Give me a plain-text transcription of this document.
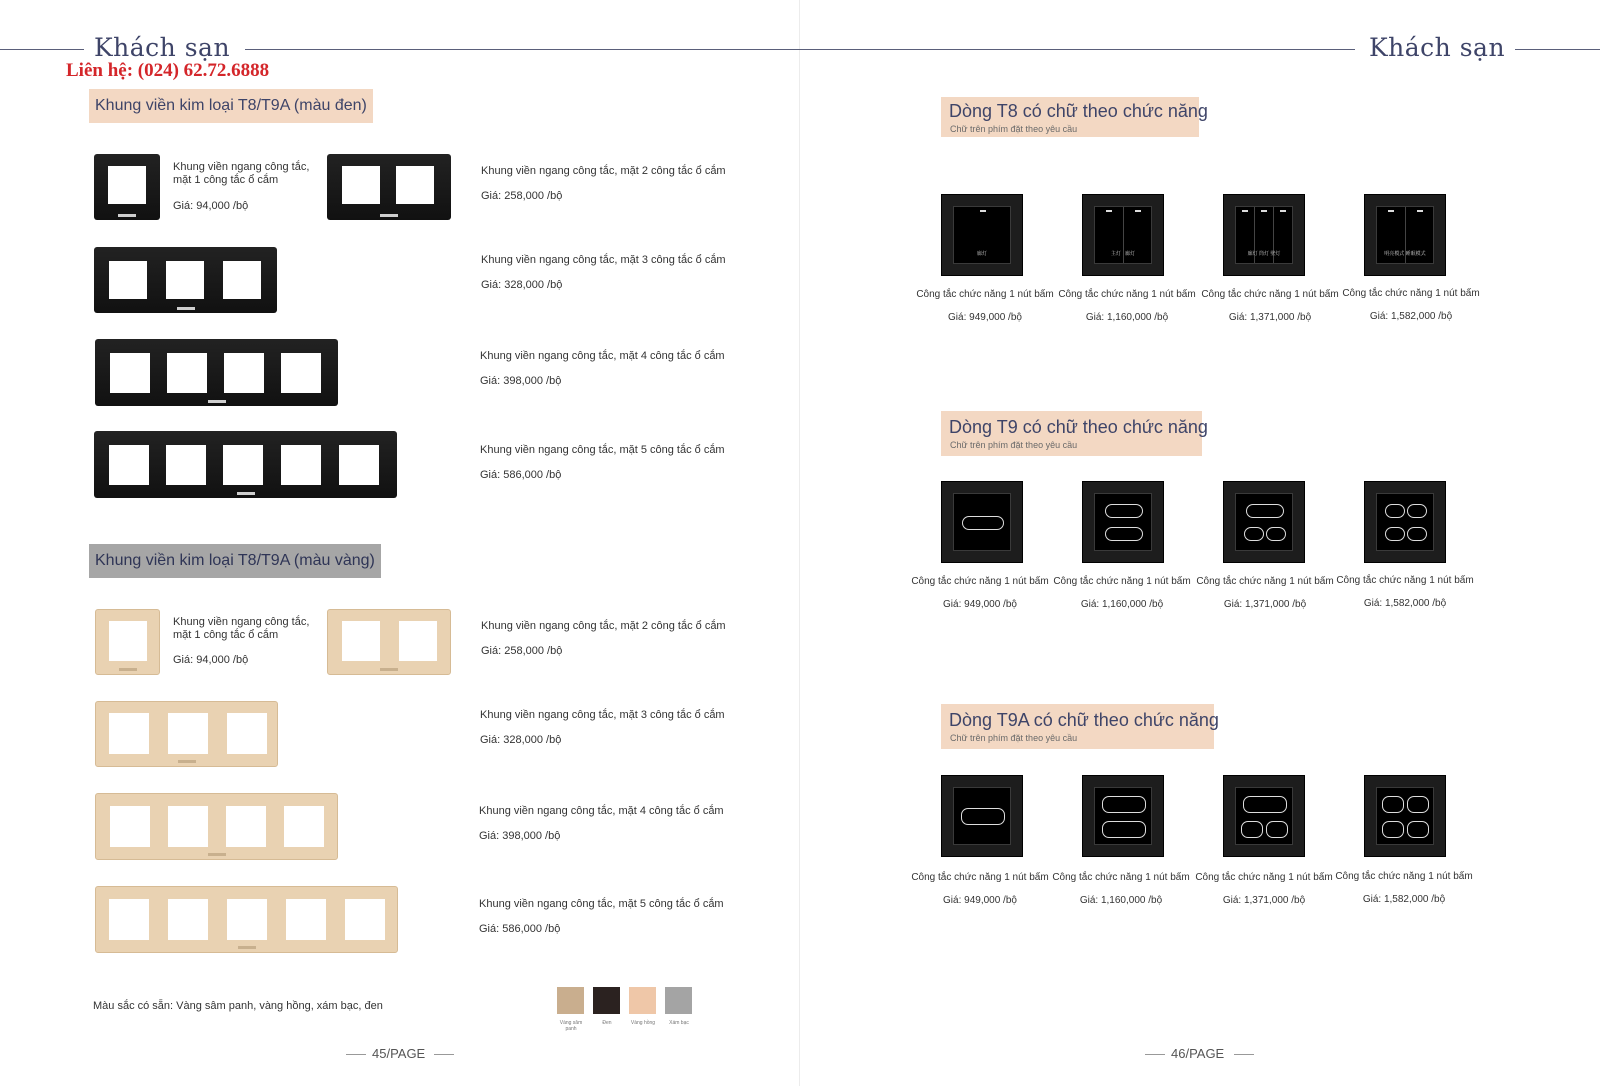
Khách sạn	Khách sạn
Liên hệ: (024) 62.72.6888
Khung viền kim loại T8/T9A (màu đen)
Khung viền ngang công tắc, mặt 1 công tắc ổ cắm
Giá: 94,000 /bộ
Khung viền ngang công tắc, mặt 2 công tắc ổ cắm
Giá: 258,000 /bộ
Khung viền ngang công tắc, mặt 3 công tắc ổ cắm
Giá: 328,000 /bộ
Khung viền ngang công tắc, mặt 4 công tắc ổ cắm
Giá: 398,000 /bộ
Khung viền ngang công tắc, mặt 5 công tắc ổ cắm
Giá: 586,000 /bộ
Khung viền kim loại T8/T9A (màu vàng)
Khung viền ngang công tắc, mặt 1 công tắc ổ cắm
Giá: 94,000 /bộ
Khung viền ngang công tắc, mặt 2 công tắc ổ cắm
Giá: 258,000 /bộ
Khung viền ngang công tắc, mặt 3 công tắc ổ cắm
Giá: 328,000 /bộ
Khung viền ngang công tắc, mặt 4 công tắc ổ cắm
Giá: 398,000 /bộ
Khung viền ngang công tắc, mặt 5 công tắc ổ cắm
Giá: 586,000 /bộ
Màu sắc có sẵn: Vàng sâm panh, vàng hồng, xám bạc, đen
Vàng sâm panh
Đen	Vàng hồng	Xám bạc
45/PAGE	46/PAGE
Dòng T8 có chữ theo chức năng
Chữ trên phím đặt theo yêu cầu
廊灯	主灯   廊灯	廊灯 筒灯 壁灯	明亮模式 睡眠模式
Công tắc chức năng 1 nút bấm
Giá: 949,000 /bộ
Công tắc chức năng 1 nút bấm
Giá: 1,160,000 /bộ
Công tắc chức năng 1 nút bấm
Giá: 1,371,000 /bộ
Công tắc chức năng 1 nút bấm
Giá: 1,582,000 /bộ
Dòng T9 có chữ theo chức năng
Chữ trên phím đặt theo yêu cầu
Công tắc chức năng 1 nút bấm
Giá: 949,000 /bộ
Công tắc chức năng 1 nút bấm
Giá: 1,160,000 /bộ
Công tắc chức năng 1 nút bấm
Giá: 1,371,000 /bộ
Công tắc chức năng 1 nút bấm
Giá: 1,582,000 /bộ
Dòng T9A có chữ theo chức năng
Chữ trên phím đặt theo yêu cầu
Công tắc chức năng 1 nút bấm
Giá: 949,000 /bộ
Công tắc chức năng 1 nút bấm
Giá: 1,160,000 /bộ
Công tắc chức năng 1 nút bấm
Giá: 1,371,000 /bộ
Công tắc chức năng 1 nút bấm
Giá: 1,582,000 /bộ
